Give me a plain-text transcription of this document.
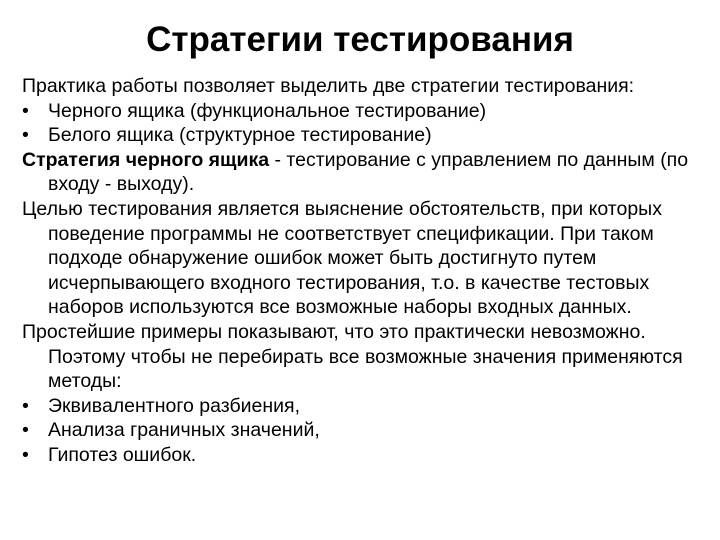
Стратегии тестирования

Практика работы позволяет выделить две стратегии тестирования:

• Черного ящика (функциональное тестирование)
• Белого ящика (структурное тестирование)

Стратегия черного ящика - тестирование с управлением по данным (по входу - выходу).

Целью тестирования является выяснение обстоятельств, при которых поведение программы не соответствует спецификации. При таком подходе обнаружение ошибок может быть достигнуто путем исчерпывающего входного тестирования, т.о. в качестве тестовых наборов используются все возможные наборы входных данных.

Простейшие примеры показывают, что это практически невозможно. Поэтому чтобы не перебирать все возможные значения применяются методы:

• Эквивалентного разбиения,
• Анализа граничных значений,
• Гипотез ошибок.
